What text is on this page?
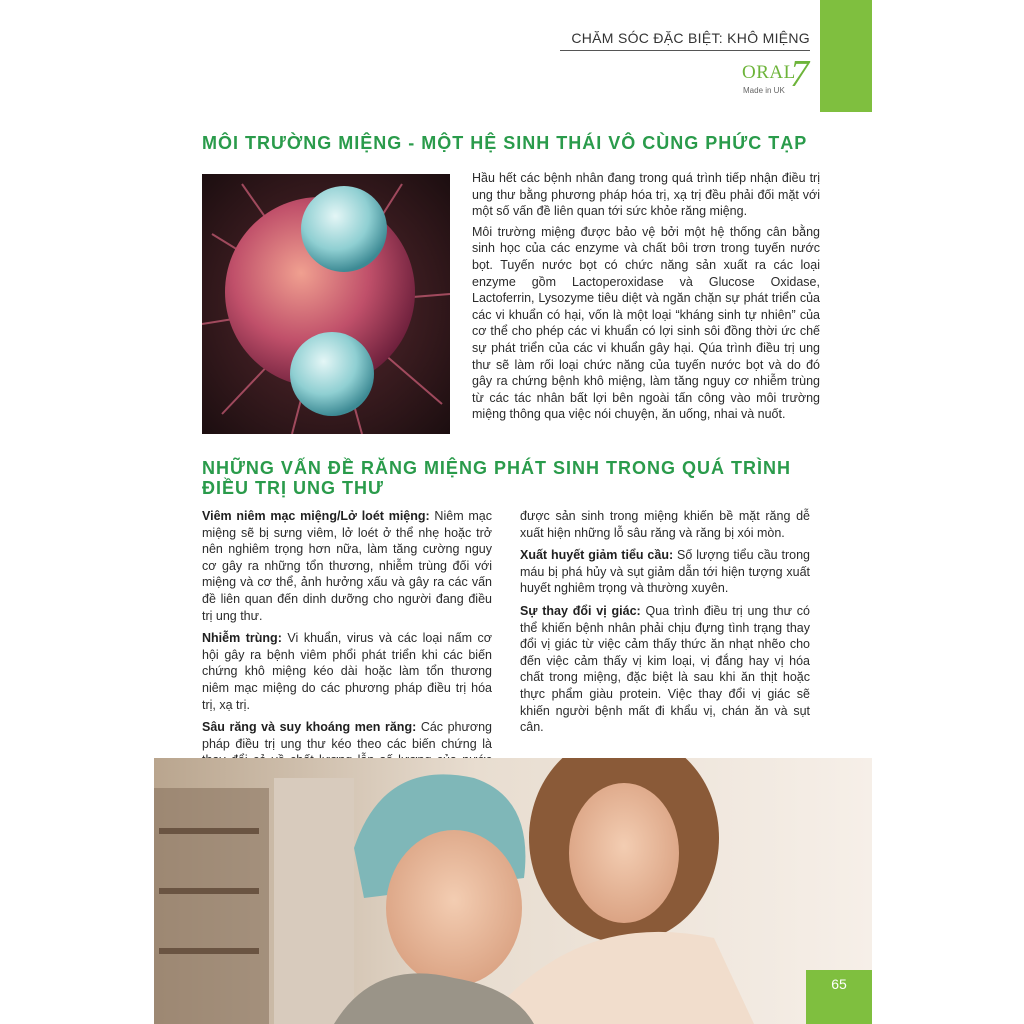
CHĂM SÓC ĐẶC BIỆT: KHÔ MIỆNG
ORAL
7
Made in UK
MÔI TRƯỜNG MIỆNG - MỘT HỆ SINH THÁI VÔ CÙNG PHỨC TẠP

Hầu hết các bệnh nhân đang trong quá trình tiếp nhận điều trị ung thư bằng phương pháp hóa trị, xạ trị đều phải đối mặt với một số vấn đề liên quan tới sức khỏe răng miệng.

Môi trường miệng được bảo vệ bởi một hệ thống cân bằng sinh học của các enzyme và chất bôi trơn trong tuyến nước bọt. Tuyến nước bọt có chức năng sản xuất ra các loại enzyme gồm Lactoperoxidase và Glucose Oxidase, Lactoferrin, Lysozyme tiêu diệt và ngăn chặn sự phát triển của các vi khuẩn có hại, vốn là một loại “kháng sinh tự nhiên” của cơ thể cho phép các vi khuẩn có lợi sinh sôi đồng thời ức chế sự phát triển của các vi khuẩn gây hại. Qúa trình điều trị ung thư sẽ làm rối loại chức năng của tuyến nước bọt và do đó gây ra chứng bệnh khô miệng, làm tăng nguy cơ nhiễm trùng từ các tác nhân bất lợi bên ngoài tấn công vào môi trường miệng thông qua việc nói chuyện, ăn uống, nhai và nuốt.

NHỮNG VẤN ĐỀ RĂNG MIỆNG PHÁT SINH TRONG QUÁ TRÌNH ĐIỀU TRỊ UNG THƯ

Viêm niêm mạc miệng/Lở loét miệng: Niêm mạc miệng sẽ bị sưng viêm, lở loét ở thể nhẹ hoặc trở nên nghiêm trọng hơn nữa, làm tăng cường nguy cơ gây ra những tổn thương, nhiễm trùng đối với miệng và cơ thể, ảnh hưởng xấu và gây ra các vấn đề liên quan đến dinh dưỡng cho người đang điều trị ung thư.

Nhiễm trùng: Vi khuẩn, virus và các loại nấm cơ hội gây ra bệnh viêm phổi phát triển khi các biến chứng khô miệng kéo dài hoặc làm tổn thương niêm mạc miệng do các phương pháp điều trị hóa trị, xạ trị.

Sâu răng và suy khoáng men răng: Các phương pháp điều trị ung thư kéo theo các biến chứng là

được sản sinh trong miệng khiến bề mặt răng dễ xuất hiện những lỗ sâu răng và răng bị xói mòn.

Xuất huyết giảm tiểu cầu: Số lượng tiểu cầu trong máu bị phá hủy và sụt giảm dẫn tới hiện tượng xuất huyết nghiêm trọng và thường xuyên.

Sự thay đổi vị giác: Qua trình điều trị ung thư có thể khiến bệnh nhân phải chịu đựng tình trạng thay đổi vị giác từ việc cảm thấy thức ăn nhạt nhẽo cho đến việc cảm thấy vị kim loại, vị đắng hay vị hóa chất trong miệng, đặc biệt là sau khi ăn thịt hoặc thực phẩm giàu protein. Việc thay đổi vị giác sẽ khiến người bệnh mất đi khẩu vị, chán ăn và sụt cân.

65
